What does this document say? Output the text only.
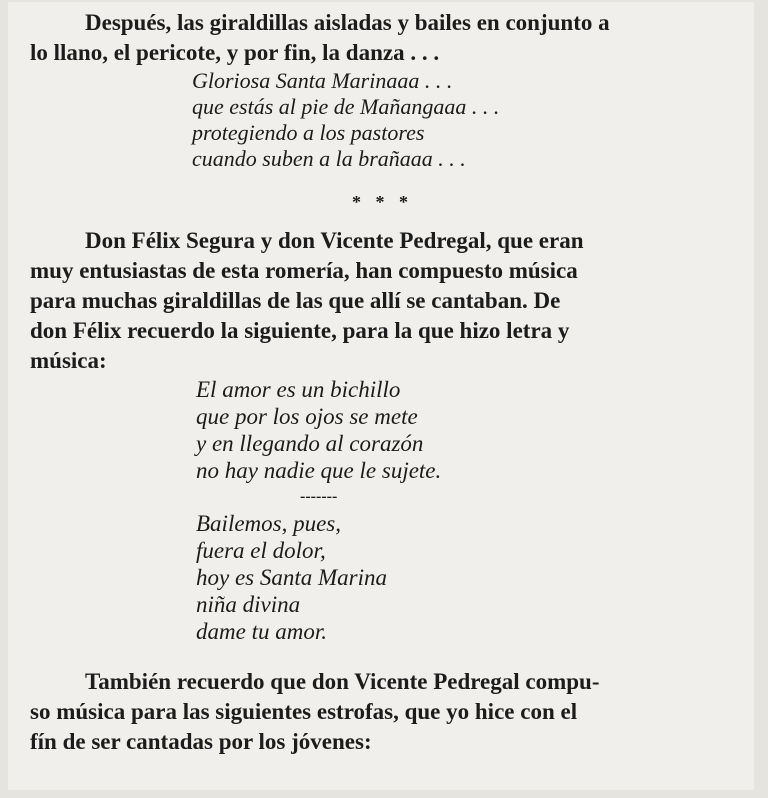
Después, las giraldillas aisladas y bailes en conjunto a
lo llano, el pericote, y por fin, la danza . . .

Gloriosa Santa Marinaaa . . .
que estás al pie de Mañangaaa . . .
protegiendo a los pastores
cuando suben a la brañaaa . . .
* * *

Don Félix Segura y don Vicente Pedregal, que eran
muy entusiastas de esta romería, han compuesto música
para muchas giraldillas de las que allí se cantaban. De
don Félix recuerdo la siguiente, para la que hizo letra y
música:

El amor es un bichillo
que por los ojos se mete
y en llegando al corazón
no hay nadie que le sujete.
-------
Bailemos, pues,
fuera el dolor,
hoy es Santa Marina
niña divina
dame tu amor.

También recuerdo que don Vicente Pedregal compu-
so música para las siguientes estrofas, que yo hice con el
fín de ser cantadas por los jóvenes:
